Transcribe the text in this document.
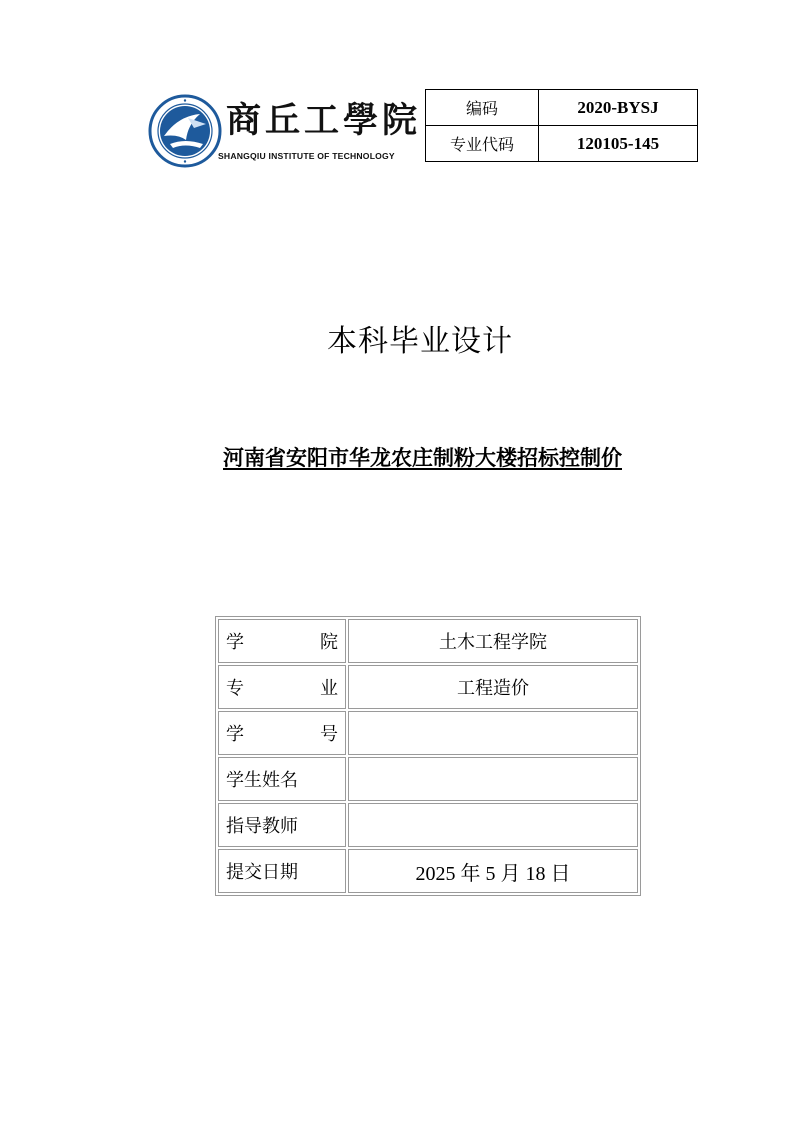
商丘工學院
SHANGQIU INSTITUTE OF TECHNOLOGY
编码	2020-BYSJ
专业代码	120105-145
本科毕业设计
河南省安阳市华龙农庄制粉大楼招标控制价
学 院	土木工程学院

专 业	工程造价

学 号	

学生姓名	
指导教师	
提交日期	2025 年 5 月 18 日
